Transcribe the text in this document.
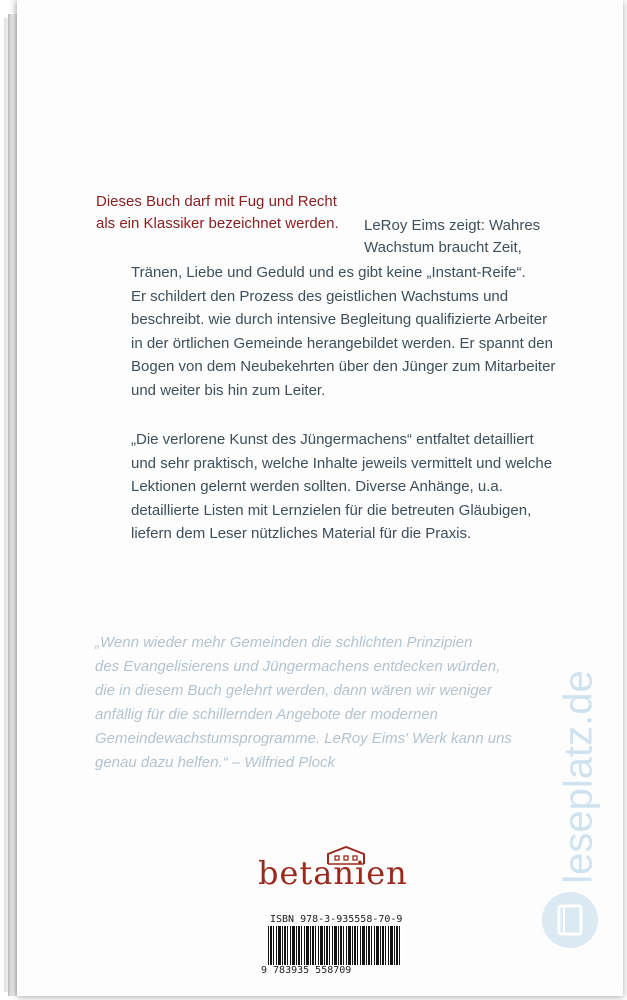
Dieses Buch darf mit Fug und Recht
als ein Klassiker bezeichnet werden.	LeRoy Eims zeigt: Wahres
Wachstum braucht Zeit,
Tränen, Liebe und Geduld und es gibt keine „Instant-Reife“.
Er schildert den Prozess des geistlichen Wachstums und
beschreibt. wie durch intensive Begleitung qualifizierte Arbeiter
in der örtlichen Gemeinde herangebildet werden. Er spannt den
Bogen von dem Neubekehrten über den Jünger zum Mitarbeiter
und weiter bis hin zum Leiter.
„Die verlorene Kunst des Jüngermachens“ entfaltet detailliert
und sehr praktisch, welche Inhalte jeweils vermittelt und welche
Lektionen gelernt werden sollten. Diverse Anhänge, u.a.
detaillierte Listen mit Lernzielen für die betreuten Gläubigen,
liefern dem Leser nützliches Material für die Praxis.
„Wenn wieder mehr Gemeinden die schlichten Prinzipien
des Evangelisierens und Jüngermachens entdecken würden,
die in diesem Buch gelehrt werden, dann wären wir weniger
anfällig für die schillernden Angebote der modernen
Gemeindewachstumsprogramme. LeRoy Eims' Werk kann uns
genau dazu helfen.“ – Wilfried Plock
betanien
ISBN 978-3-935558-70-9
9 783935 558709
leseplatz.de
